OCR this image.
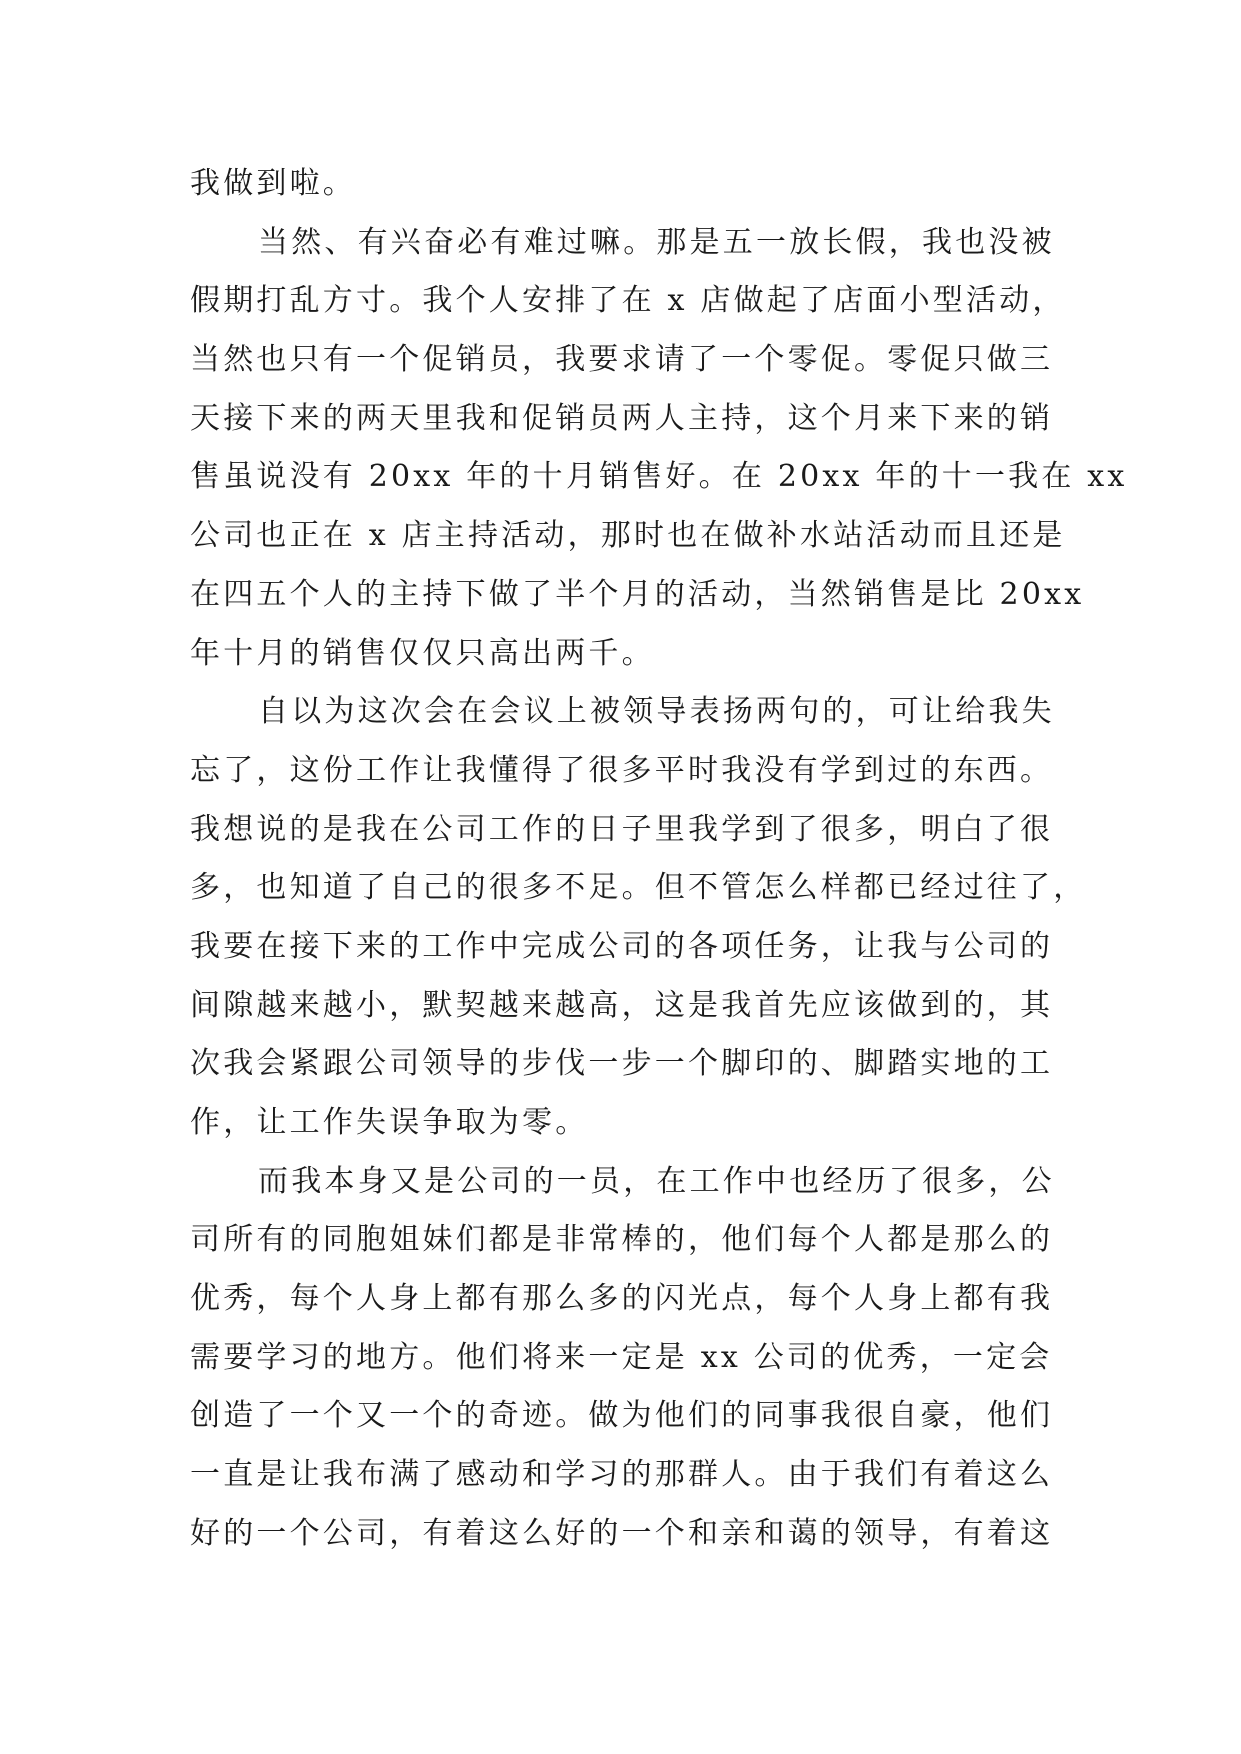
我做到啦。
当然、有兴奋必有难过嘛。那是五一放长假，我也没被
假期打乱方寸。我个人安排了在 x 店做起了店面小型活动，
当然也只有一个促销员，我要求请了一个零促。零促只做三
天接下来的两天里我和促销员两人主持，这个月来下来的销
售虽说没有 20xx 年的十月销售好。在 20xx 年的十一我在 xx
公司也正在 x 店主持活动，那时也在做补水站活动而且还是
在四五个人的主持下做了半个月的活动，当然销售是比 20xx
年十月的销售仅仅只高出两千。
自以为这次会在会议上被领导表扬两句的，可让给我失
忘了，这份工作让我懂得了很多平时我没有学到过的东西。
我想说的是我在公司工作的日子里我学到了很多，明白了很
多，也知道了自己的很多不足。但不管怎么样都已经过往了，
我要在接下来的工作中完成公司的各项任务，让我与公司的
间隙越来越小，默契越来越高，这是我首先应该做到的，其
次我会紧跟公司领导的步伐一步一个脚印的、脚踏实地的工
作，让工作失误争取为零。
而我本身又是公司的一员，在工作中也经历了很多，公
司所有的同胞姐妹们都是非常棒的，他们每个人都是那么的
优秀，每个人身上都有那么多的闪光点，每个人身上都有我
需要学习的地方。他们将来一定是 xx 公司的优秀，一定会
创造了一个又一个的奇迹。做为他们的同事我很自豪，他们
一直是让我布满了感动和学习的那群人。由于我们有着这么
好的一个公司，有着这么好的一个和亲和蔼的领导，有着这
